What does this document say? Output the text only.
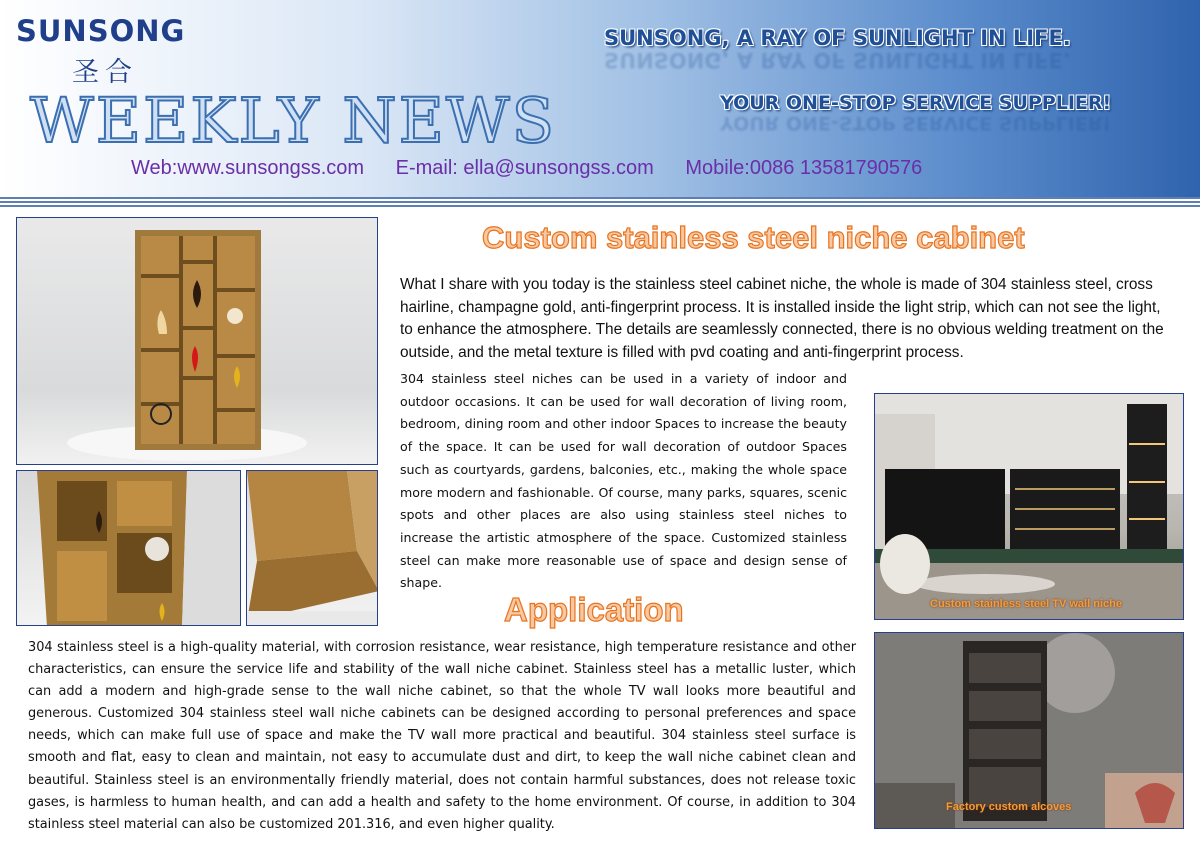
SUNSONG
圣合
WEEKLY NEWS
SUNSONG, A RAY OF SUNLIGHT IN LIFE.
SUNSONG, A RAY OF SUNLIGHT IN LIFE.
YOUR ONE-STOP SERVICE SUPPLIER!
YOUR ONE-STOP SERVICE SUPPLIER!
Web:www.sunsongss.com E-mail: ella@sunsongss.com Mobile:0086 13581790576
Custom stainless steel TV wall niche
Factory custom alcoves
Custom stainless steel niche cabinet
What I share with you today is the stainless steel cabinet niche, the whole is made of 304 stainless steel, cross hairline, champagne gold, anti-fingerprint process. It is installed inside the light strip, which can not see the light, to enhance the atmosphere. The details are seamlessly connected, there is no obvious welding treatment on the outside, and the metal texture is filled with pvd coating and anti-fingerprint process.
304 stainless steel niches can be used in a variety of indoor and outdoor occasions. It can be used for wall decoration of living room, bedroom, dining room and other indoor Spaces to increase the beauty of the space. It can be used for wall decoration of outdoor Spaces such as courtyards, gardens, balconies, etc., making the whole space more modern and fashionable. Of course, many parks, squares, scenic spots and other places are also using stainless steel niches to increase the artistic atmosphere of the space. Customized stainless steel can make more reasonable use of space and design sense of shape.
Application
304 stainless steel is a high-quality material, with corrosion resistance, wear resistance, high temperature resistance and other characteristics, can ensure the service life and stability of the wall niche cabinet. Stainless steel has a metallic luster, which can add a modern and high-grade sense to the wall niche cabinet, so that the whole TV wall looks more beautiful and generous. Customized 304 stainless steel wall niche cabinets can be designed according to personal preferences and space needs, which can make full use of space and make the TV wall more practical and beautiful. 304 stainless steel surface is smooth and flat, easy to clean and maintain, not easy to accumulate dust and dirt, to keep the wall niche cabinet clean and beautiful. Stainless steel is an environmentally friendly material, does not contain harmful substances, does not release toxic gases, is harmless to human health, and can add a health and safety to the home environment. Of course, in addition to 304 stainless steel material can also be customized 201.316, and even higher quality.
